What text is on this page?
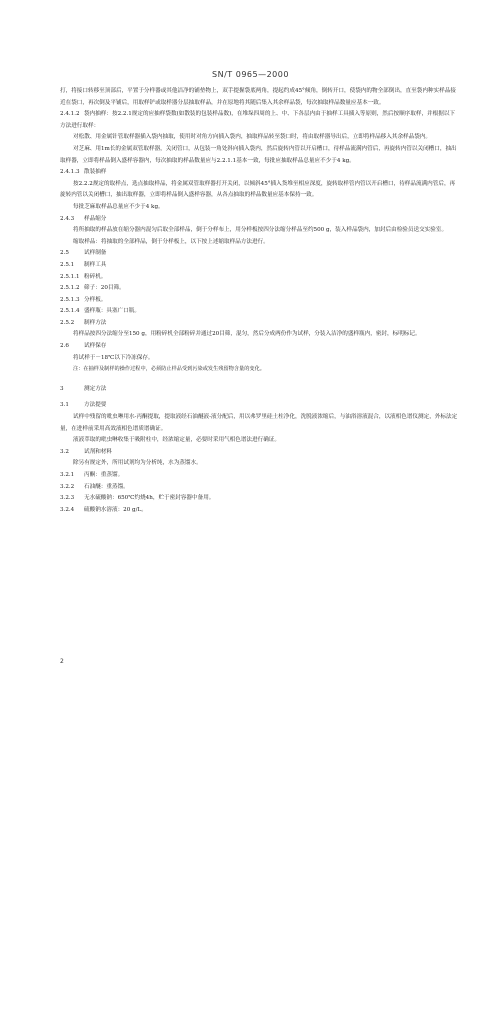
SN/T 0965—2000

打，将接口转移至顶部后，平置于分样器或其他洁净的铺垫物上，双手提握袋底两角，提起约成45°倾角，倒转开口，使袋内的物全部倒出，直至袋内种实样品接近在袋口，再次倒及平铺后，用取样铲或取样器分层抽取样品，并在原地将其随后集入其余样品袋，每次抽取样品数量应基本一致。

2.4.1.2 袋内抽样：按2.2.1规定的应抽样袋数(如散装的包装样品数)，在堆垛四周的上、中、下各层内由于抽样工具插入等原则，然后按顺序取样，并根据以下方法进行取样：

对松散、用金属针管取样器插入袋内抽取，使用时对角方向插入袋内，抽取样品转至袋口时，将由取样器导出后，立即将样品移入其余样品袋内。

对芝麻、用1m长的金属双管取样器，关闭管口，从包装一角处斜向插入袋内，然后旋转内管以开启槽口，待样品流满内管后，再旋转内管以关闭槽口，抽出取样器，立即将样品倒入盛样容器内，每次抽取的样品数量应与2.2.1.1基本一致，每批应抽取样品总量应不少于4 kg。

2.4.1.3 散装抽样

按2.2.2规定的取样点，选点抽取样品，将金属双管取样器打开关闭，以倾斜45°插入货堆至相应深度，旋转取样管内管以开启槽口，待样品流满内管后，再旋转内管以关闭槽口，抽出取样器，立即将样品倒入盛样容器，从各点抽取的样品数量应基本保持一致。

每批芝麻取样品总量应不少于4 kg。

2.4.3 样品缩分

将所抽取的样品放在缩分器内混匀后取全部样品，倒于分样布上，用分样板按四分法缩分样品至约500 g，装入样品袋内，加封后由检验员送交实验室。

缩取样品：将抽取的全部样品，倒于分样板上，以下按上述缩取样品方法进行。

2.5	试样制备

2.5.1 制样工具

2.5.1.1 粉碎机。

2.5.1.2 筛子：20目筛。

2.5.1.3 分样板。

2.5.1.4 盛样瓶：具塞广口瓶。

2.5.2 制样方法

将样品按四分法缩分至150 g，用粉碎机全部粉碎并通过20目筛，混匀，然后分成两份作为试样，分装入洁净的盛样瓶内，密封，标明标记。

2.6	试样保存

将试样于－18℃以下冷冻保存。

注：在抽样及制样的操作过程中，必须防止样品受到污染或发生残留物含量的变化。

3	测定方法

3.1	方法提要

试样中残留的吡虫啉用水-丙酮提取，提取液经石油醚液-液分配后，用以弗罗里硅土柱净化，洗脱液浓缩后，与油浴溶液混合，以液相色谱仪测定，外标法定量，在进样前采用高效液相色谱质谱确证。

液液萃取的吡虫啉收集于吸附柱中，经浓缩定量，必要时采用气相色谱法进行确证。

3.2	试剂和材料

除另有规定外，所用试剂均为分析纯，水为蒸馏水。

3.2.1 丙酮：重蒸馏。

3.2.2 石油醚：重蒸馏。

3.2.3 无水硫酸钠：650℃灼烧4h，贮于密封容器中备用。

3.2.4 硫酸钠水溶液：20 g/L。

2
